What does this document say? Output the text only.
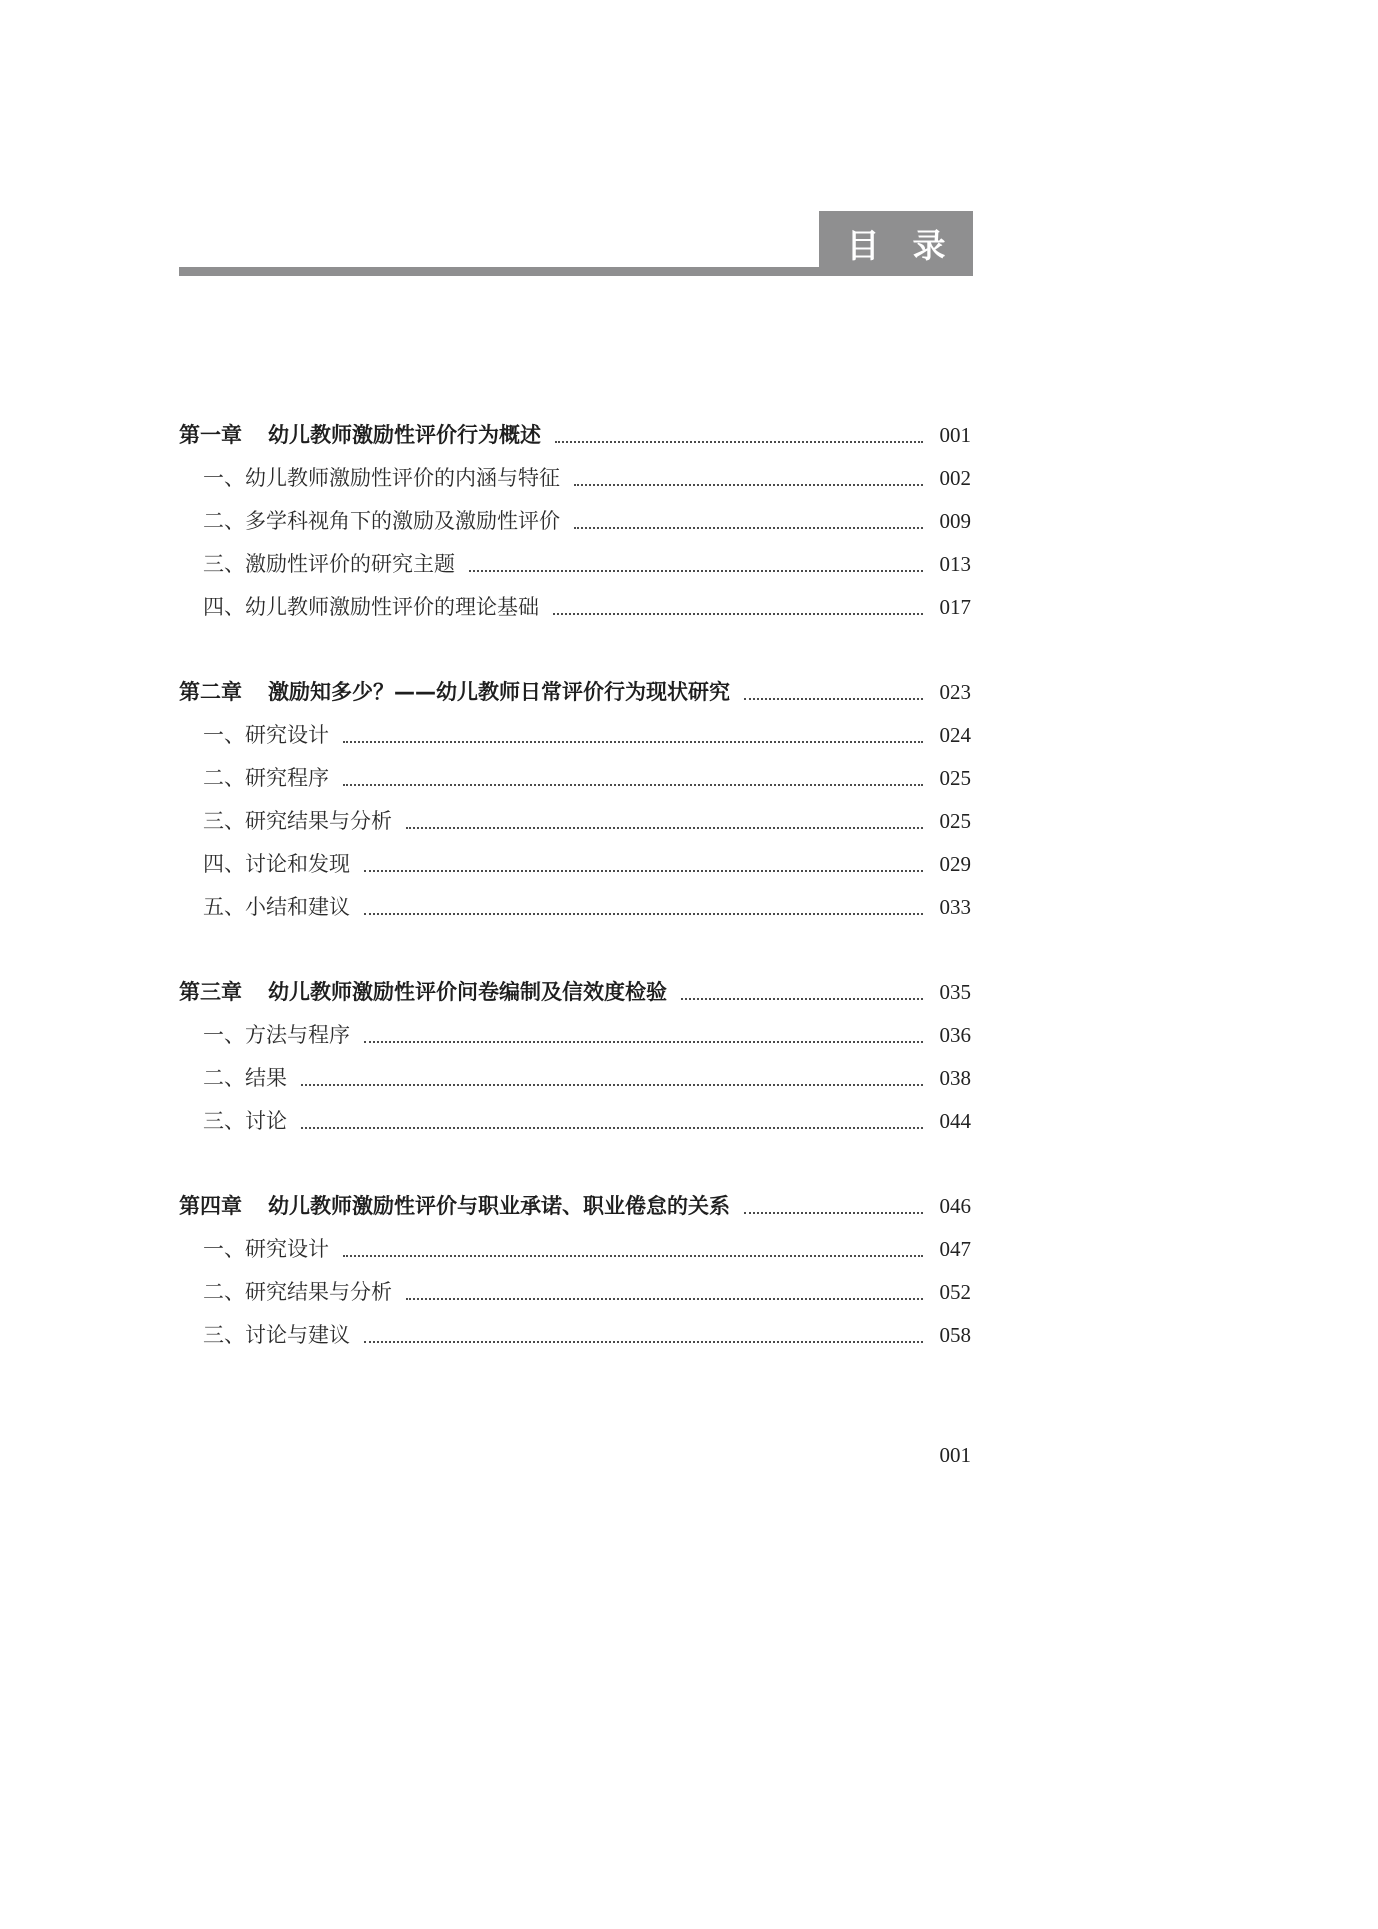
目　录
第一章 幼儿教师激励性评价行为概述	001
一、幼儿教师激励性评价的内涵与特征	002
二、多学科视角下的激励及激励性评价	009
三、激励性评价的研究主题	013
四、幼儿教师激励性评价的理论基础	017
第二章 激励知多少？——幼儿教师日常评价行为现状研究	023
一、研究设计	024
二、研究程序	025
三、研究结果与分析	025
四、讨论和发现	029
五、小结和建议	033
第三章 幼儿教师激励性评价问卷编制及信效度检验	035
一、方法与程序	036
二、结果	038
三、讨论	044
第四章 幼儿教师激励性评价与职业承诺、职业倦怠的关系	046
一、研究设计	047
二、研究结果与分析	052
三、讨论与建议	058
001
